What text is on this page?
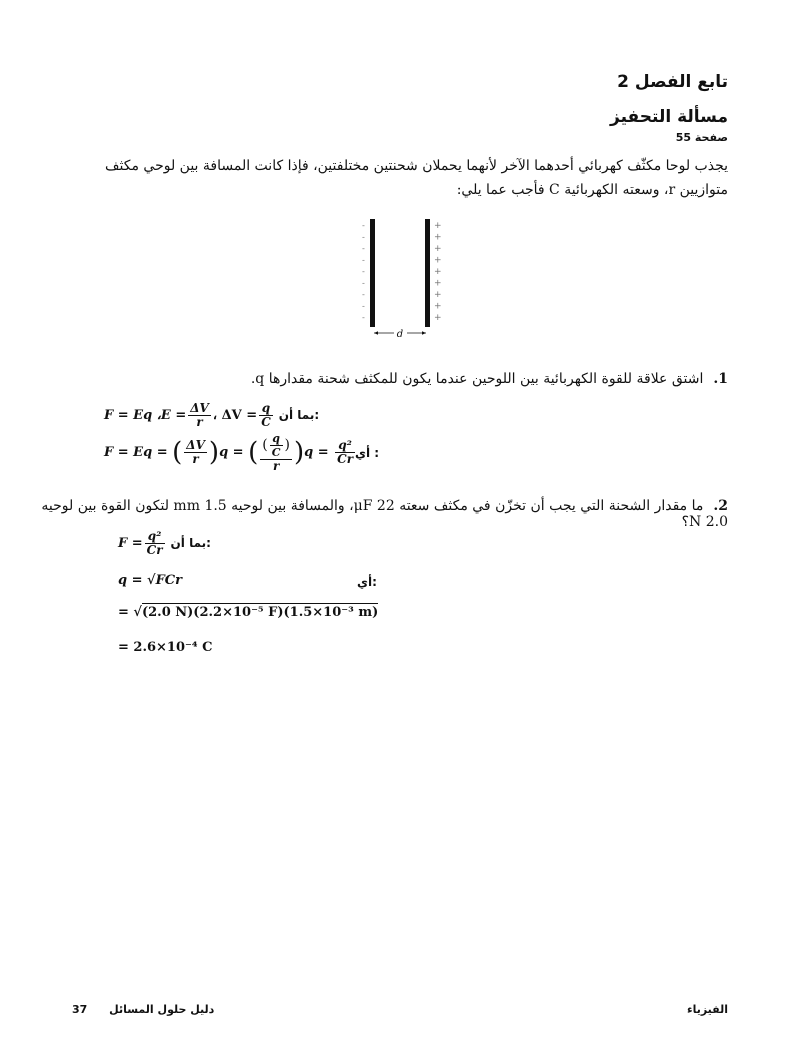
تابع الفصل 2
مسألة التحفيز
صفحة 55
يجذب لوحا مكثّف كهربائي أحدهما الآخر لأنهما يحملان شحنتين مختلفتين، فإذا كانت المسافة بين لوحي مكثف متوازيين r، وسعته الكهربائية C فأجب عما يلي:
-
-
-
-
-
-
-
-
-
+
+
+
+
+
+
+
+
+
d
1.اشتق علاقة للقوة الكهربائية بين اللوحين عندما يكون للمكثف شحنة مقدارها q.
F = Eq ،E = $\frac{\Delta V}{r}$ ، $\Delta V = \frac{q}{C}$ بما أن:
F = Eq = ( $\frac{\Delta V}{r} )q$ = ( $\frac{( \frac{q}{C} )}{r} )q = \frac{\text{q²}}{Cr}$ أي :
2.ما مقدار الشحنة التي يجب أن تخزّن في مكثف سعته 22 μF، والمسافة بين لوحيه 1.5 mm لتكون القوة بين لوحيه 2.0 N؟
$F = \frac{\text{q²}}{Cr}$ بما أن:
q = √FCr	أي:
= √(2.0 N)(2.2×10⁻⁵ F)(1.5×10⁻³ m)
= 2.6×10⁻⁴ C
الفيزياء
37 دليل حلول المسائل
